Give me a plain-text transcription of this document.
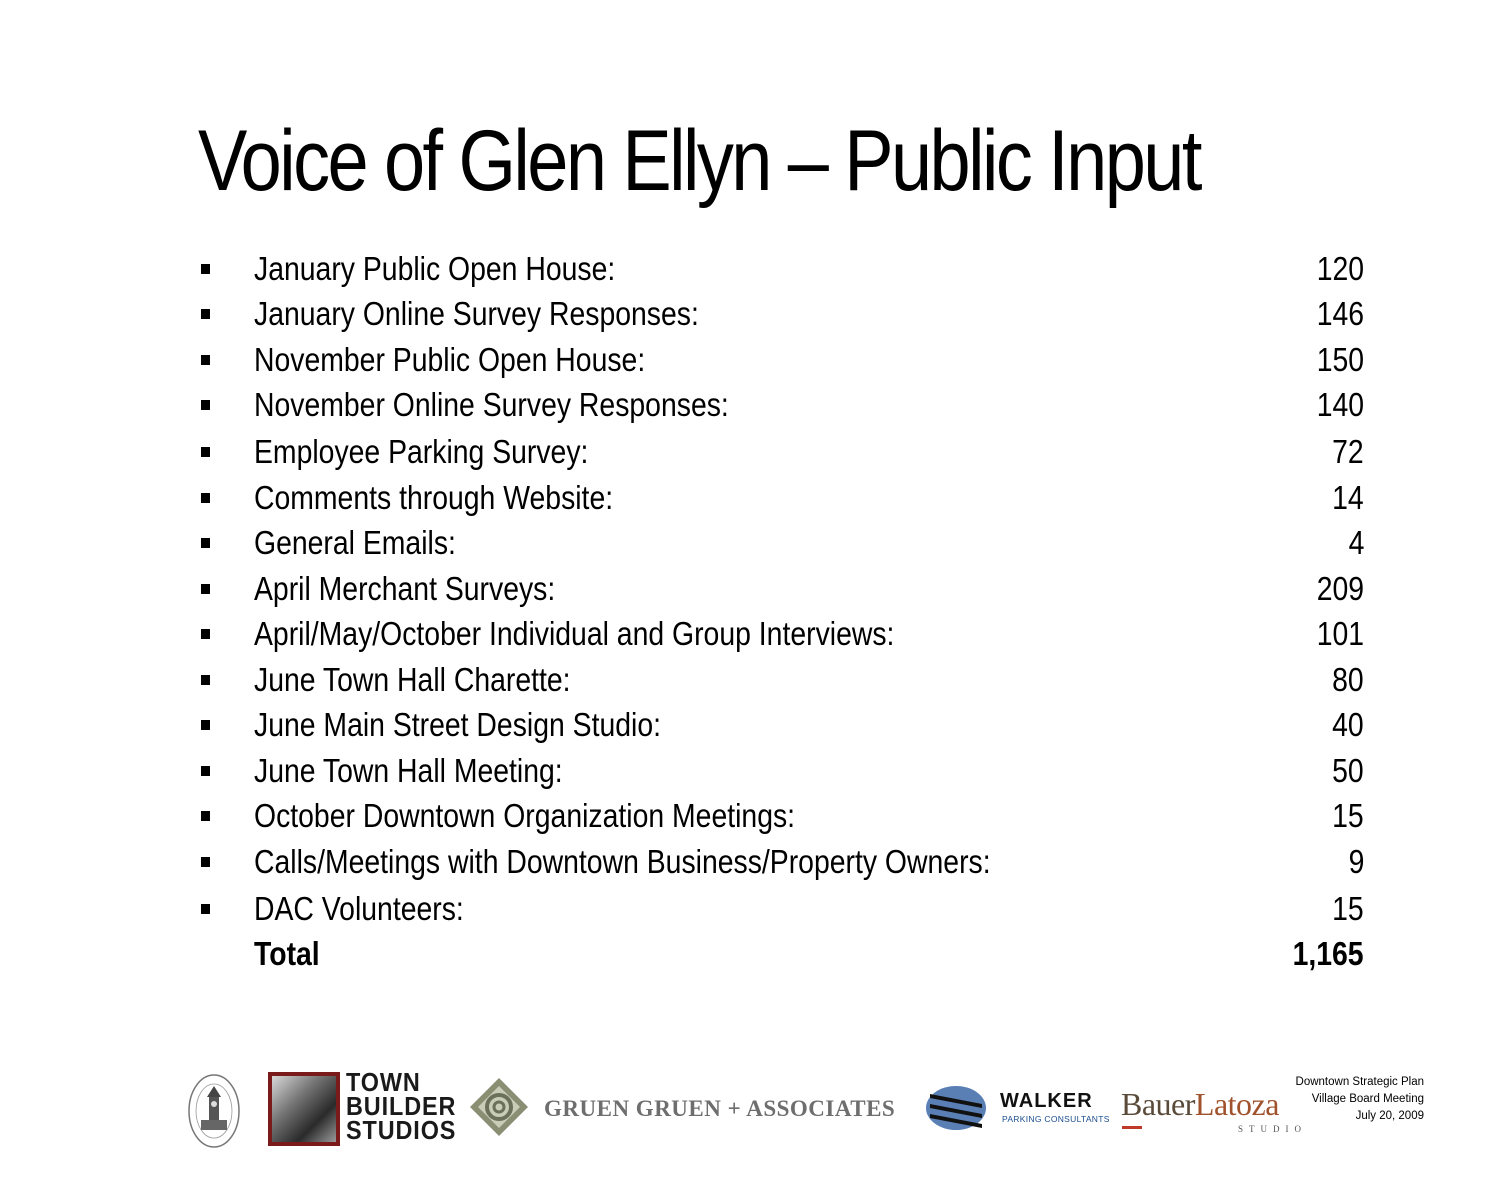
Voice of Glen Ellyn – Public Input
January Public Open House:	120
January Online Survey Responses:	146
November Public Open House:	150
November Online Survey Responses:	140
Employee Parking Survey:	72
Comments through Website:	14
General Emails:	4
April Merchant Surveys:	209
April/May/October Individual and Group Interviews:	101
June Town Hall Charette:	80
June Main Street Design Studio:	40
June Town Hall Meeting:	50
October Downtown Organization Meetings:	15
Calls/Meetings with Downtown Business/Property Owners:	9
DAC Volunteers:	15
Total	1,165
TOWN
BUILDER
STUDIOS
GRUEN GRUEN + ASSOCIATES	WALKER
PARKING CONSULTANTS BauerLatoza
STUDIO
Downtown Strategic Plan
Village Board Meeting
July 20, 2009
